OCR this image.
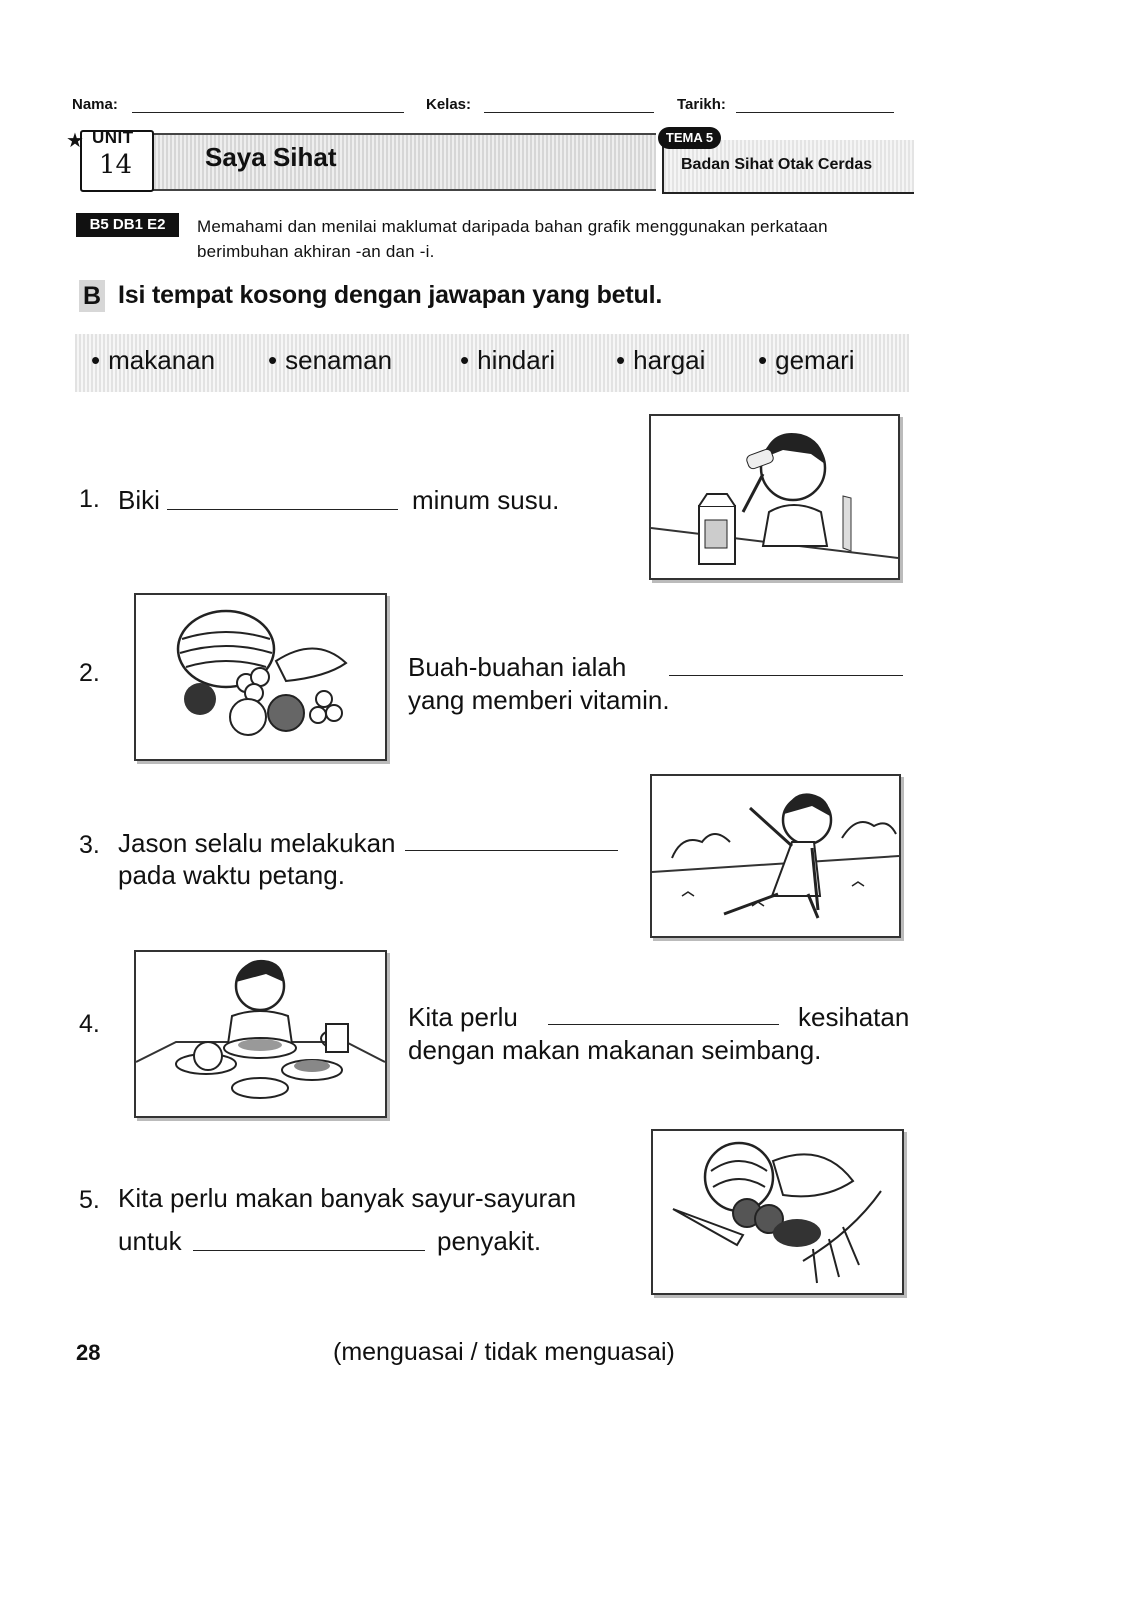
Nama:	Kelas:	Tarikh:
★ UNIT
14	Saya Sihat
TEMA 5
Badan Sihat Otak Cerdas
B5 DB1 E2	Memahami dan menilai maklumat daripada bahan grafik menggunakan perkataan berimbuhan akhiran -an dan -i.
B Isi tempat kosong dengan jawapan yang betul.
• makanan • senaman	• hindari • hargai • gemari
1. Biki	minum susu.
2.	Buah-buahan ialah
yang memberi vitamin.
3. Jason selalu melakukan
pada waktu petang.
4.	Kita perlu	kesihatan
dengan makan makanan seimbang.
5. Kita perlu makan banyak sayur-sayuran
untuk	penyakit.
28	(menguasai / tidak menguasai)
